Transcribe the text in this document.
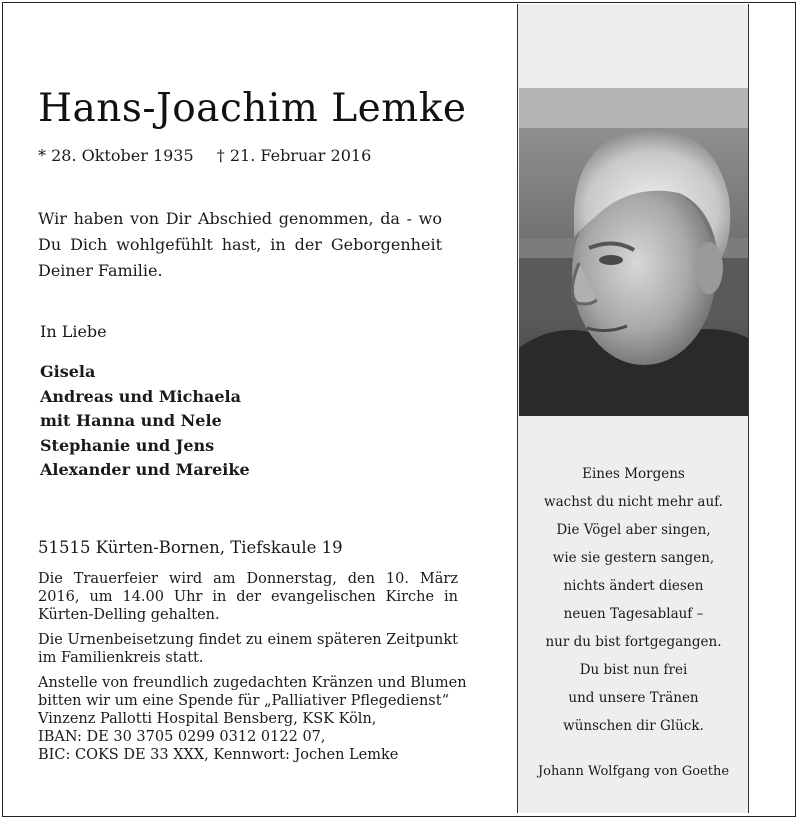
Hans-Joachim Lemke
* 28. Oktober 1935 † 21. Februar 2016
Wir haben von Dir Abschied genommen, da - wo Du Dich wohlgefühlt hast, in der Geborgenheit Deiner Familie.
In Liebe
Gisela
Andreas und Michaela
mit Hanna und Nele
Stephanie und Jens
Alexander und Mareike
51515 Kürten-Bornen, Tiefskaule 19

Die Trauerfeier wird am Donnerstag, den 10. März 2016, um 14.00 Uhr in der evangelischen Kirche in Kürten-Delling gehalten.

Die Urnenbeisetzung findet zu einem späteren Zeitpunkt im Familienkreis statt.

Anstelle von freundlich zugedachten Kränzen und Blumen
bitten wir um eine Spende für „Palliativer Pflegedienst“
Vinzenz Pallotti Hospital Bensberg, KSK Köln,
IBAN: DE 30 3705 0299 0312 0122 07,
BIC: COKS DE 33 XXX, Kennwort: Jochen Lemke
Eines Morgens
wachst du nicht mehr auf.
Die Vögel aber singen,
wie sie gestern sangen,
nichts ändert diesen
neuen Tagesablauf –
nur du bist fortgegangen.
Du bist nun frei
und unsere Tränen
wünschen dir Glück.
Johann Wolfgang von Goethe
